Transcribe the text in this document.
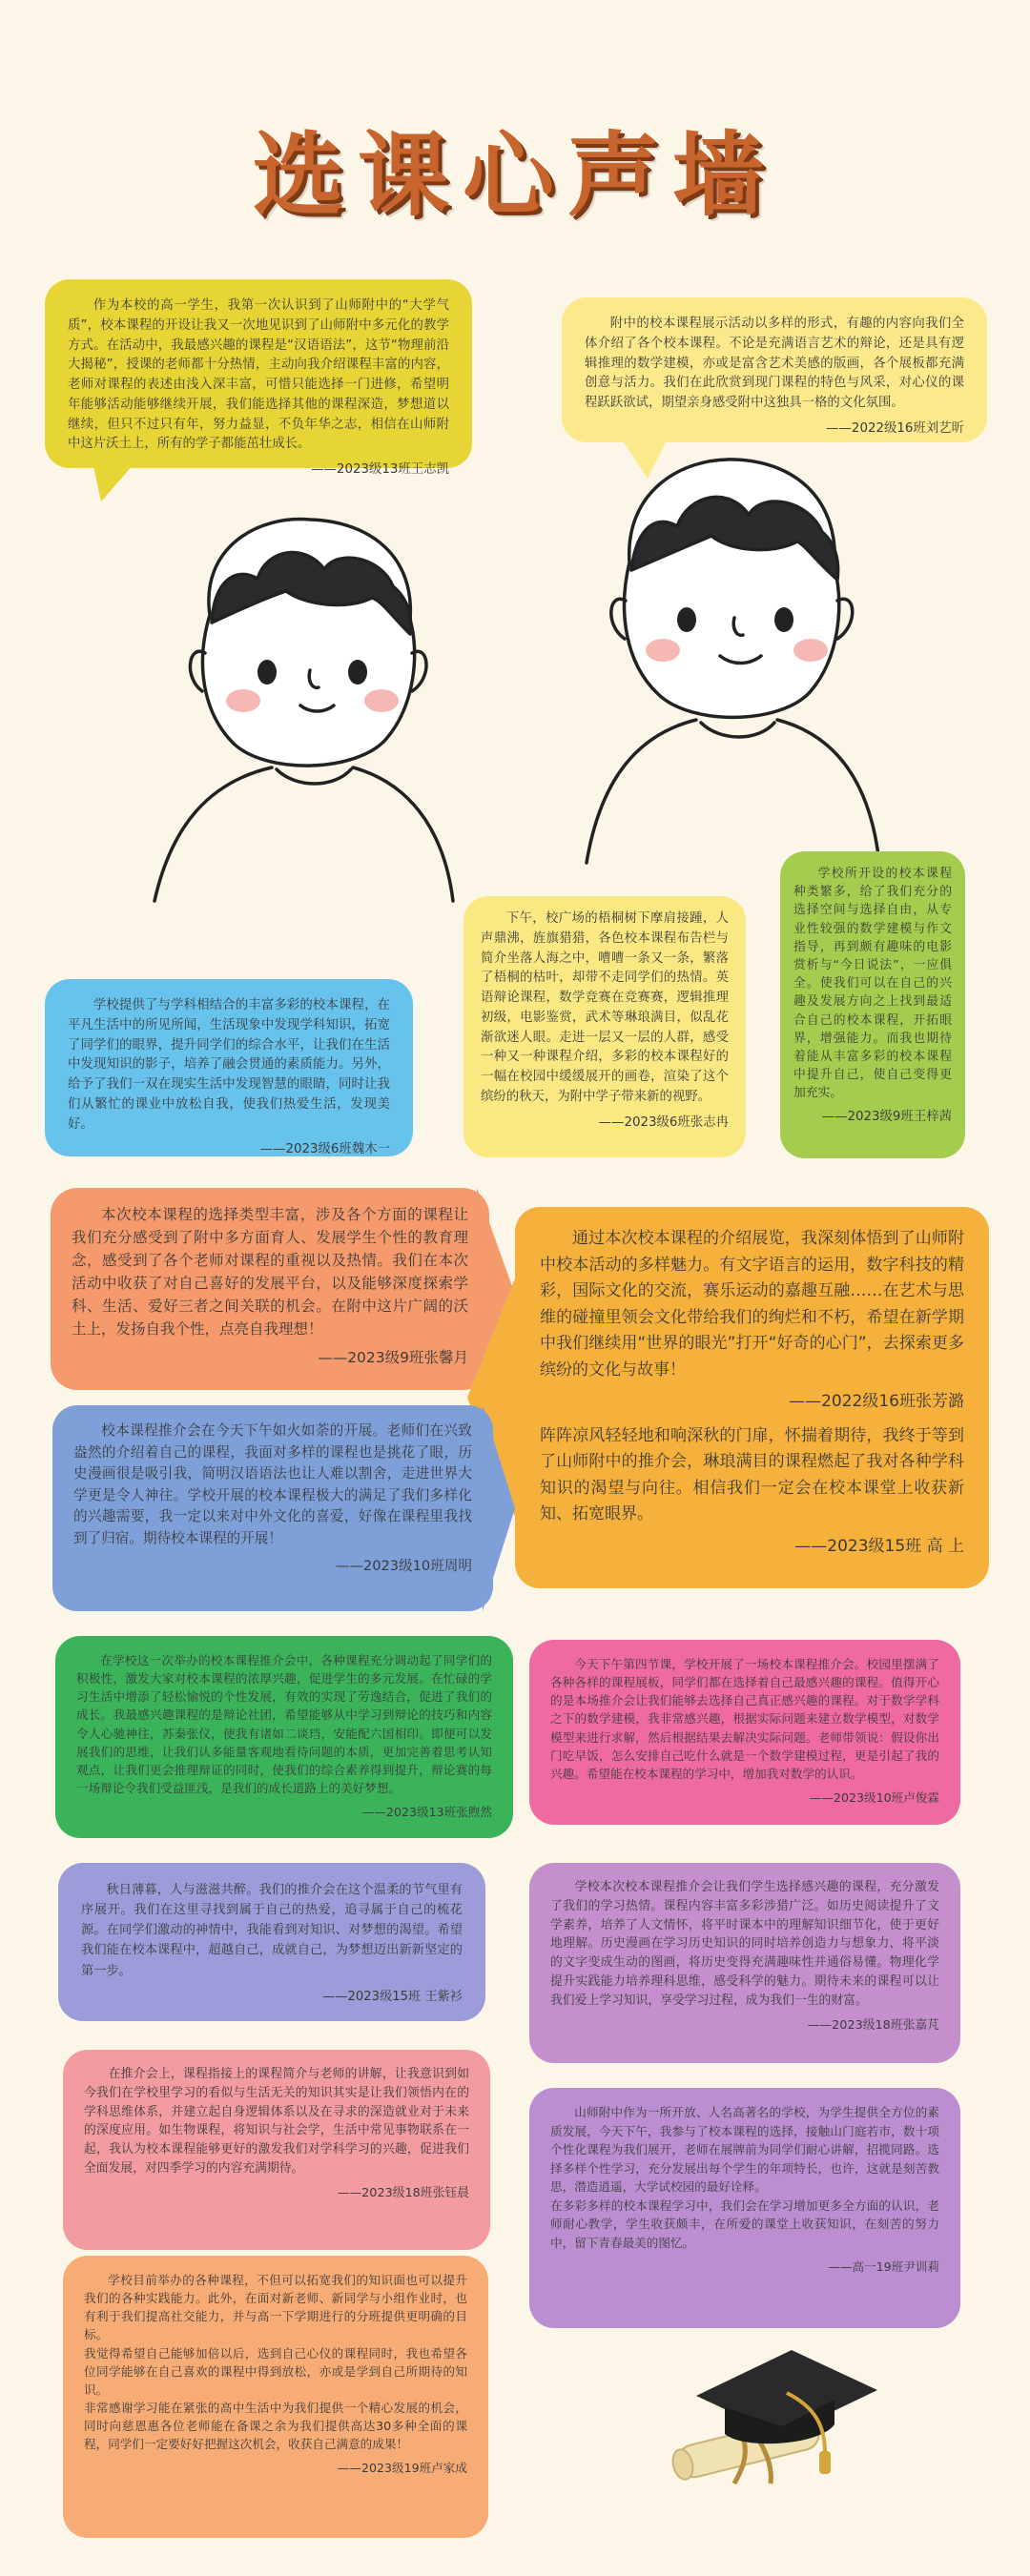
选课心声墙
作为本校的高一学生，我第一次认识到了山师附中的“大学气质”，校本课程的开设让我又一次地见识到了山师附中多元化的教学方式。在活动中，我最感兴趣的课程是“汉语语法”，这节“物理前沿大揭秘”，授课的老师都十分热情，主动向我介绍课程丰富的内容，老师对课程的表述由浅入深丰富，可惜只能选择一门进修，希望明年能够活动能够继续开展，我们能选择其他的课程深造，梦想道以继续，但只不过只有年，努力益显，不负年华之志，相信在山师附中这片沃土上，所有的学子都能茁壮成长。
——2023级13班王志凯
附中的校本课程展示活动以多样的形式，有趣的内容向我们全体介绍了各个校本课程。不论是充满语言艺术的辩论，还是具有逻辑推理的数学建模，亦或是富含艺术美感的版画，各个展板都充满创意与活力。我们在此欣赏到现门课程的特色与风采，对心仪的课程跃跃欲试，期望亲身感受附中这独具一格的文化氛围。
——2022级16班刘艺昕
学校提供了与学科相结合的丰富多彩的校本课程，在平凡生活中的所见所闻，生活现象中发现学科知识，拓宽了同学们的眼界，提升同学们的综合水平，让我们在生活中发现知识的影子，培养了融会贯通的素质能力。另外，给予了我们一双在现实生活中发现智慧的眼睛，同时让我们从繁忙的课业中放松自我，使我们热爱生活，发现美好。
——2023级6班魏木一
下午，校广场的梧桐树下摩肩接踵，人声鼎沸，旌旗猎猎，各色校本课程布告栏与简介坐落人海之中，嘈嘈一条又一条，繁落了梧桐的枯叶，却带不走同学们的热情。英语辩论课程，数学竞赛在竞赛赛，逻辑推理初级，电影鉴赏，武术等琳琅满目，似乱花渐欲迷人眼。走进一层又一层的人群，感受一种又一种课程介绍，多彩的校本课程好的一幅在校园中缓缓展开的画卷，渲染了这个缤纷的秋天，为附中学子带来新的视野。
——2023级6班张志冉
学校所开设的校本课程种类繁多，给了我们充分的选择空间与选择自由，从专业性较强的数学建模与作文指导，再到颇有趣味的电影赏析与“今日说法”，一应俱全。使我们可以在自己的兴趣及发展方向之上找到最适合自己的校本课程，开拓眼界，增强能力。而我也期待着能从丰富多彩的校本课程中提升自己，使自己变得更加充实。
——2023级9班王梓茜
本次校本课程的选择类型丰富，涉及各个方面的课程让我们充分感受到了附中多方面育人、发展学生个性的教育理念，感受到了各个老师对课程的重视以及热情。我们在本次活动中收获了对自己喜好的发展平台，以及能够深度探索学科、生活、爱好三者之间关联的机会。在附中这片广阔的沃土上，发扬自我个性，点亮自我理想！
——2023级9班张馨月
通过本次校本课程的介绍展览，我深刻体悟到了山师附中校本活动的多样魅力。有文字语言的运用，数字科技的精彩，国际文化的交流，赛乐运动的嘉趣互融……在艺术与思维的碰撞里领会文化带给我们的绚烂和不朽，希望在新学期中我们继续用“世界的眼光”打开“好奇的心门”，去探索更多缤纷的文化与故事！
——2022级16班张芳潞
阵阵凉风轻轻地和响深秋的门扉，怀揣着期待，我终于等到了山师附中的推介会，琳琅满目的课程燃起了我对各种学科知识的渴望与向往。相信我们一定会在校本课堂上收获新知、拓宽眼界。
——2023级15班 高 上
校本课程推介会在今天下午如火如荼的开展。老师们在兴致盎然的介绍着自己的课程，我面对多样的课程也是挑花了眼，历史漫画很是吸引我，简明汉语语法也让人难以割舍，走进世界大学更是令人神往。学校开展的校本课程极大的满足了我们多样化的兴趣需要，我一定以来对中外文化的喜爱，好像在课程里我找到了归宿。期待校本课程的开展！
——2023级10班周明
在学校这一次举办的校本课程推介会中，各种课程充分调动起了同学们的积极性，激发大家对校本课程的浓厚兴趣，促进学生的多元发展。在忙碌的学习生活中增添了轻松愉悦的个性发展，有效的实现了劳逸结合，促进了我们的成长。我最感兴趣课程的是辩论社团，希望能够从中学习到辩论的技巧和内容令人心驰神往，苏秦张仪，使我有诸如二谈珰，安能配六国相印。即便可以发展我们的思维，让我们认多能量客观地看待问题的本质，更加完善着思考认知观点，让我们更会推理辩证的同时，使我们的综合素养得到提升，辩论赛的每一场辩论令我们受益匪浅，是我们的成长道路上的美好梦想。
——2023级13班张煦然
今天下午第四节课，学校开展了一场校本课程推介会。校园里摆满了各种各样的课程展板，同学们都在选择着自己最感兴趣的课程。值得开心的是本场推介会让我们能够去选择自己真正感兴趣的课程。对于数学学科之下的数学建模，我非常感兴趣，根据实际问题来建立数学模型，对数学模型来进行求解，然后根据结果去解决实际问题。老师带领说：假设你出门吃早饭，怎么安排自己吃什么就是一个数学建模过程，更是引起了我的兴趣。希望能在校本课程的学习中，增加我对数学的认识。
——2023级10班卢俊霖
秋日薄暮，人与滋滋共醉。我们的推介会在这个温柔的节气里有序展开。我们在这里寻找到属于自己的热爱，追寻属于自己的梳花源。在同学们激动的神情中，我能看到对知识、对梦想的渴望。希望我们能在校本课程中，超越自己，成就自己，为梦想迈出新新坚定的第一步。
——2023级15班 王紫衫
学校本次校本课程推介会让我们学生选择感兴趣的课程，充分激发了我们的学习热情。课程内容丰富多彩涉猎广泛。如历史阅读提升了文学素养，培养了人文情怀，将平时课本中的理解知识细节化，使于更好地理解。历史漫画在学习历史知识的同时培养创造力与想象力，将平淡的文字变成生动的图画，将历史变得充满趣味性并通俗易懂。物理化学提升实践能力培养理科思维，感受科学的魅力。期待未来的课程可以让我们爱上学习知识，享受学习过程，成为我们一生的财富。
——2023级18班张嘉芃
在推介会上，课程指接上的课程简介与老师的讲解，让我意识到如今我们在学校里学习的看似与生活无关的知识其实是让我们领悟内在的学科思维体系，并建立起自身逻辑体系以及在寻求的深造就业对于未来的深度应用。如生物课程，将知识与社会学，生活中常见事物联系在一起，我认为校本课程能够更好的激发我们对学科学习的兴趣，促进我们全面发展，对四季学习的内容充满期待。
——2023级18班张钰晨
山师附中作为一所开放、人名高著名的学校，为学生提供全方位的素质发展，今天下午，我参与了校本课程的选择，接触山门庭若市，数十项个性化课程为我们展开，老师在展牌前为同学们耐心讲解，招揽同路。选择多样个性学习，充分发展出每个学生的年项特长，也许，这就是刻苦教思，潜造逍遥，大学试校园的最好诠释。
在多彩多样的校本课程学习中，我们会在学习增加更多全方面的认识，老师耐心教学，学生收获颇丰，在所爱的课堂上收获知识，在刻苦的努力中，留下青春最美的图忆。
——高一19班尹训莉
学校目前举办的各种课程，不但可以拓宽我们的知识面也可以提升我们的各种实践能力。此外，在面对新老师、新同学与小组作业时，也有利于我们提高社交能力，并与高一下学期进行的分班提供更明确的目标。
我觉得希望自己能够加倍以后，选到自己心仪的课程同时，我也希望各位同学能够在自己喜欢的课程中得到放松，亦或是学到自己所期待的知识。
非常感谢学习能在紧张的高中生活中为我们提供一个精心发展的机会，同时向慈恩惠各位老师能在备课之余为我们提供高达30多种全面的课程，同学们一定要好好把握这次机会，收获自己满意的成果！
——2023级19班卢家成
